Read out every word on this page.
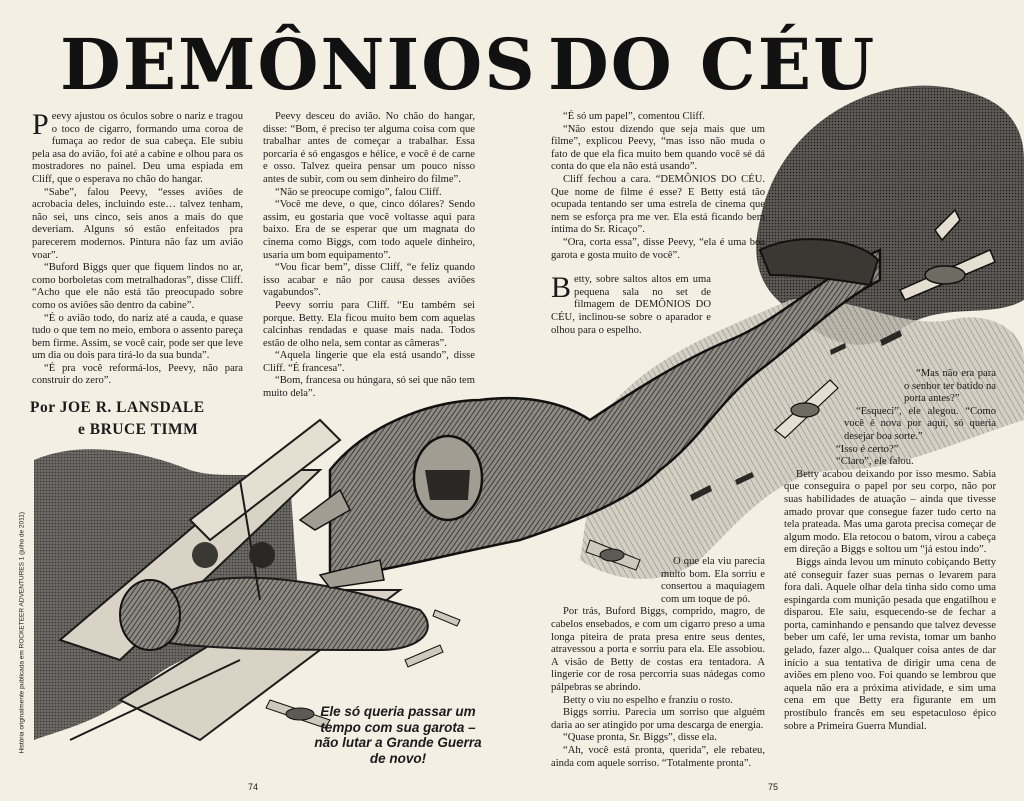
DEMÔNIOS DO CÉU

Peevy ajustou os óculos sobre o nariz e tragou o toco de cigarro, formando uma coroa de fumaça ao redor de sua cabeça. Ele subiu pela asa do avião, foi até a cabine e olhou para os mostradores no painel. Deu uma espiada em Cliff, que o esperava no chão do hangar.

“Sabe”, falou Peevy, “esses aviões de acrobacia deles, incluindo este… talvez tenham, não sei, uns cinco, seis anos a mais do que deveriam. Alguns só estão enfeitados pra parecerem modernos. Pintura não faz um avião voar”.

“Buford Biggs quer que fiquem lindos no ar, como borboletas com metralhadoras”, disse Cliff. “Acho que ele não está tão preocupado sobre como os aviões são dentro da cabine”.

“É o avião todo, do nariz até a cauda, e quase tudo o que tem no meio, embora o assento pareça bem firme. Assim, se você cair, pode ser que leve um dia ou dois para tirá-lo da sua bunda”.

“É pra você reformá-los, Peevy, não para construir do zero”.

Peevy desceu do avião. No chão do hangar, disse: “Bom, é preciso ter alguma coisa com que trabalhar antes de começar a trabalhar. Essa porcaria é só engasgos e hélice, e você é de carne e osso. Talvez queira pensar um pouco nisso antes de subir, com ou sem dinheiro do filme”.

“Não se preocupe comigo”, falou Cliff.

“Você me deve, o que, cinco dólares? Sendo assim, eu gostaria que você voltasse aqui para baixo. Era de se esperar que um magnata do cinema como Biggs, com todo aquele dinheiro, usaria um bom equipamento”.

“Vou ficar bem”, disse Cliff, “e feliz quando isso acabar e não por causa desses aviões vagabundos”.

Peevy sorriu para Cliff. “Eu também sei porque. Betty. Ela ficou muito bem com aquelas calcinhas rendadas e quase mais nada. Todos estão de olho nela, sem contar as câmeras”.

“Aquela lingerie que ela está usando”, disse Cliff. “É francesa”.

“Bom, francesa ou húngara, só sei que não tem muito dela”.

Por JOE R. LANSDALE
e BRUCE TIMM

“É só um papel”, comentou Cliff.

“Não estou dizendo que seja mais que um filme”, explicou Peevy, “mas isso não muda o fato de que ela fica muito bem quando você sé dá conta do que ela não está usando”.

Cliff fechou a cara. “DEMÔNIOS DO CÉU. Que nome de filme é esse? E Betty está tão ocupada tentando ser uma estrela de cinema que nem se esforça pra me ver. Ela está ficando bem íntima do Sr. Ricaço”.

“Ora, corta essa”, disse Peevy, “ela é uma boa garota e gosta muito de você”.

Betty, sobre saltos altos em uma pequena sala no set de filmagem de DEMÔNIOS DO CÉU, inclinou-se sobre o aparador e olhou para o espelho.

O que ela viu parecia muito bom. Ela sorriu e consertou a maquiagem com um toque de pó.

Por trás, Buford Biggs, comprido, magro, de cabelos ensebados, e com um cigarro preso a uma longa piteira de prata presa entre seus dentes, atravessou a porta e sorriu para ela. Ele assobiou. A visão de Betty de costas era tentadora. A lingerie cor de rosa percorria suas nádegas como pálpebras se abrindo.

Betty o viu no espelho e franziu o rosto.

Biggs sorriu. Parecia um sorriso que alguém daria ao ser atingido por uma descarga de energia.

“Quase pronta, Sr. Biggs”, disse ela.

“Ah, você está pronta, querida”, ele rebateu, ainda com aquele sorriso. “Totalmente pronta”.

“Mas não era para o senhor ter batido na porta antes?”

“Esqueci”, ele alegou. “Como você é nova por aqui, só queria desejar boa sorte.”

“Isso é certo?”

“Claro”, ele falou.

Betty acabou deixando por isso mesmo. Sabia que conseguira o papel por seu corpo, não por suas habilidades de atuação – ainda que tivesse amado provar que consegue fazer tudo certo na tela prateada. Mas uma garota precisa começar de algum modo. Ela retocou o batom, virou a cabeça em direção a Biggs e soltou um “já estou indo”.

Biggs ainda levou um minuto cobiçando Betty até conseguir fazer suas pernas o levarem para fora dali. Aquele olhar dela tinha sido como uma espingarda com munição pesada que engatilhou e disparou. Ele saiu, esquecendo-se de fechar a porta, caminhando e pensando que talvez devesse beber um café, ler uma revista, tomar um banho gelado, fazer algo... Qualquer coisa antes de dar início a sua tentativa de dirigir uma cena de aviões em pleno voo. Foi quando se lembrou que aquela não era a próxima atividade, e sim uma cena em que Betty era figurante em um prostíbulo francês em seu espetaculoso épico sobre a Primeira Guerra Mundial.

Ele só queria passar um tempo com sua garota – não lutar a Grande Guerra de novo!
74	75
História originalmente publicada em ROCKETEER ADVENTURES 1 (julho de 2011)
